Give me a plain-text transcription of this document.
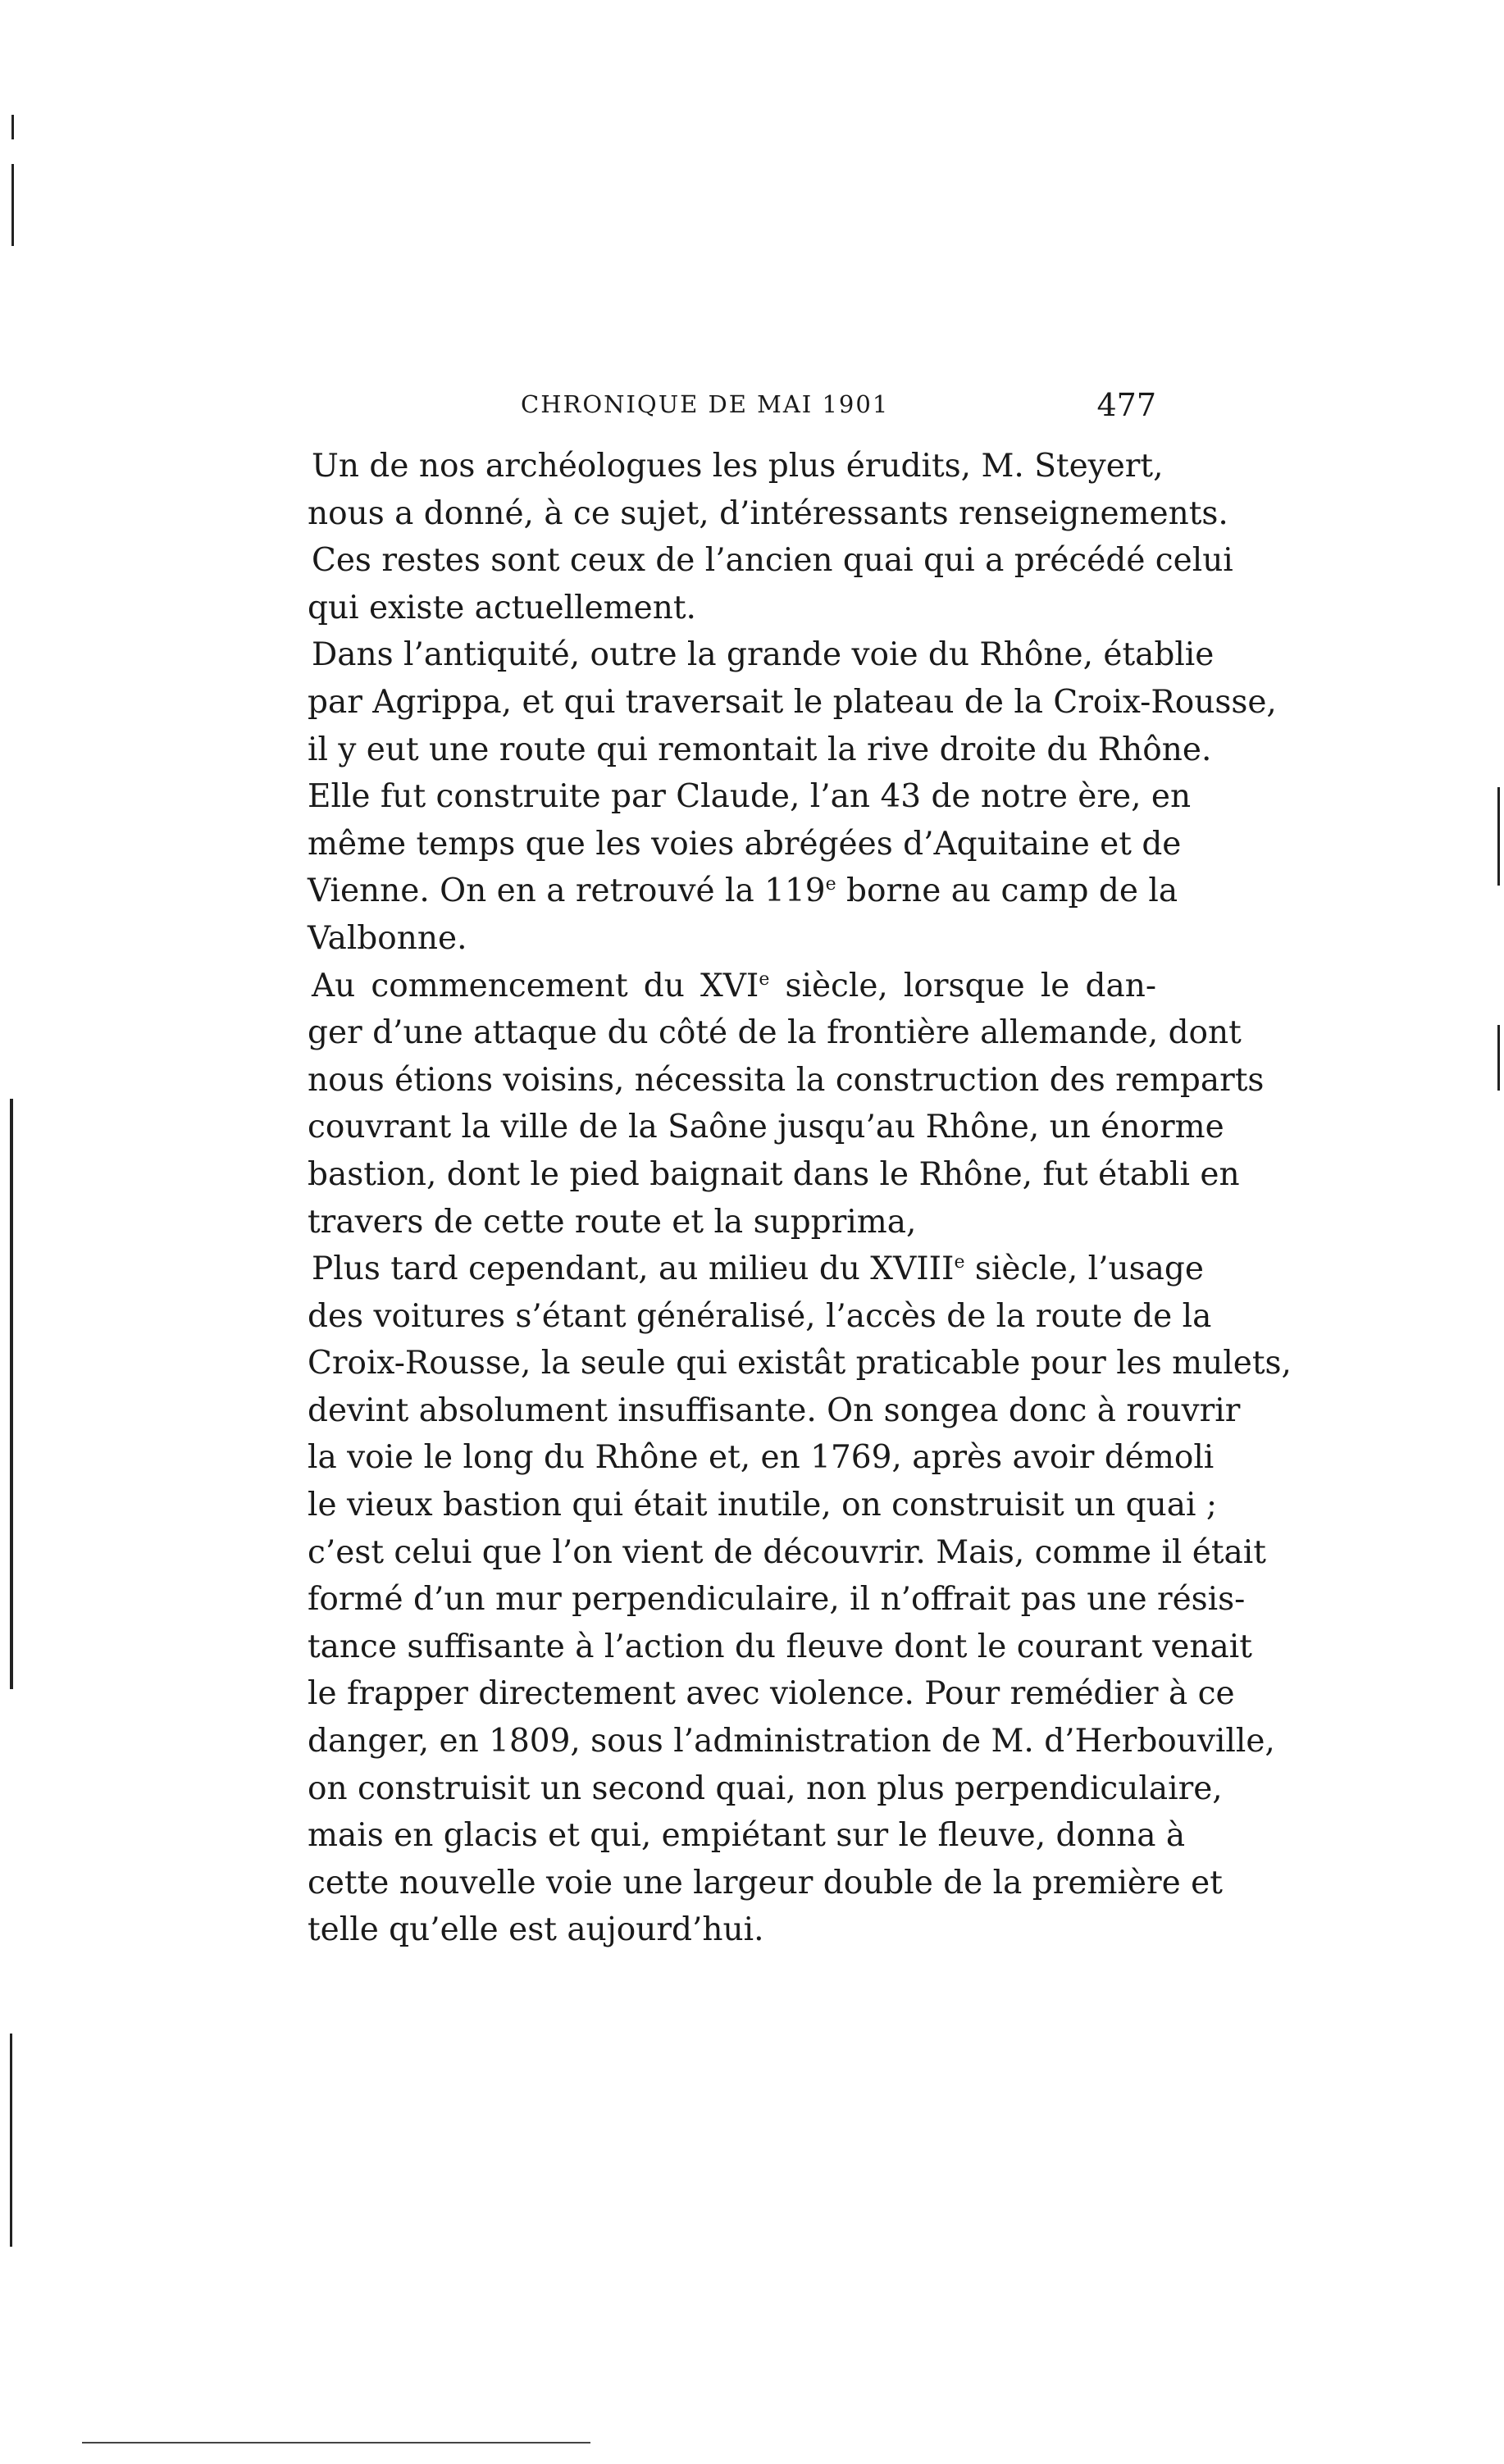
CHRONIQUE DE MAI 1901	477
Un de nos archéologues les plus érudits, M. Steyert,
nous a donné, à ce sujet, d’intéressants renseignements.
Ces restes sont ceux de l’ancien quai qui a précédé celui
qui existe actuellement.
Dans l’antiquité, outre la grande voie du Rhône, établie
par Agrippa, et qui traversait le plateau de la Croix-Rousse,
il y eut une route qui remontait la rive droite du Rhône.
Elle fut construite par Claude, l’an 43 de notre ère, en
même temps que les voies abrégées d’Aquitaine et de
Vienne. On en a retrouvé la 119e borne au camp de la
Valbonne.
Au commencement du XVIe siècle, lorsque le dan-
ger d’une attaque du côté de la frontière allemande, dont
nous étions voisins, nécessita la construction des remparts
couvrant la ville de la Saône jusqu’au Rhône, un énorme
bastion, dont le pied baignait dans le Rhône, fut établi en
travers de cette route et la supprima,
Plus tard cependant, au milieu du XVIIIe siècle, l’usage
des voitures s’étant généralisé, l’accès de la route de la
Croix-Rousse, la seule qui existât praticable pour les mulets,
devint absolument insuffisante. On songea donc à rouvrir
la voie le long du Rhône et, en 1769, après avoir démoli
le vieux bastion qui était inutile, on construisit un quai ;
c’est celui que l’on vient de découvrir. Mais, comme il était
formé d’un mur perpendiculaire, il n’offrait pas une résis-
tance suffisante à l’action du fleuve dont le courant venait
le frapper directement avec violence. Pour remédier à ce
danger, en 1809, sous l’administration de M. d’Herbouville,
on construisit un second quai, non plus perpendiculaire,
mais en glacis et qui, empiétant sur le fleuve, donna à
cette nouvelle voie une largeur double de la première et
telle qu’elle est aujourd’hui.
